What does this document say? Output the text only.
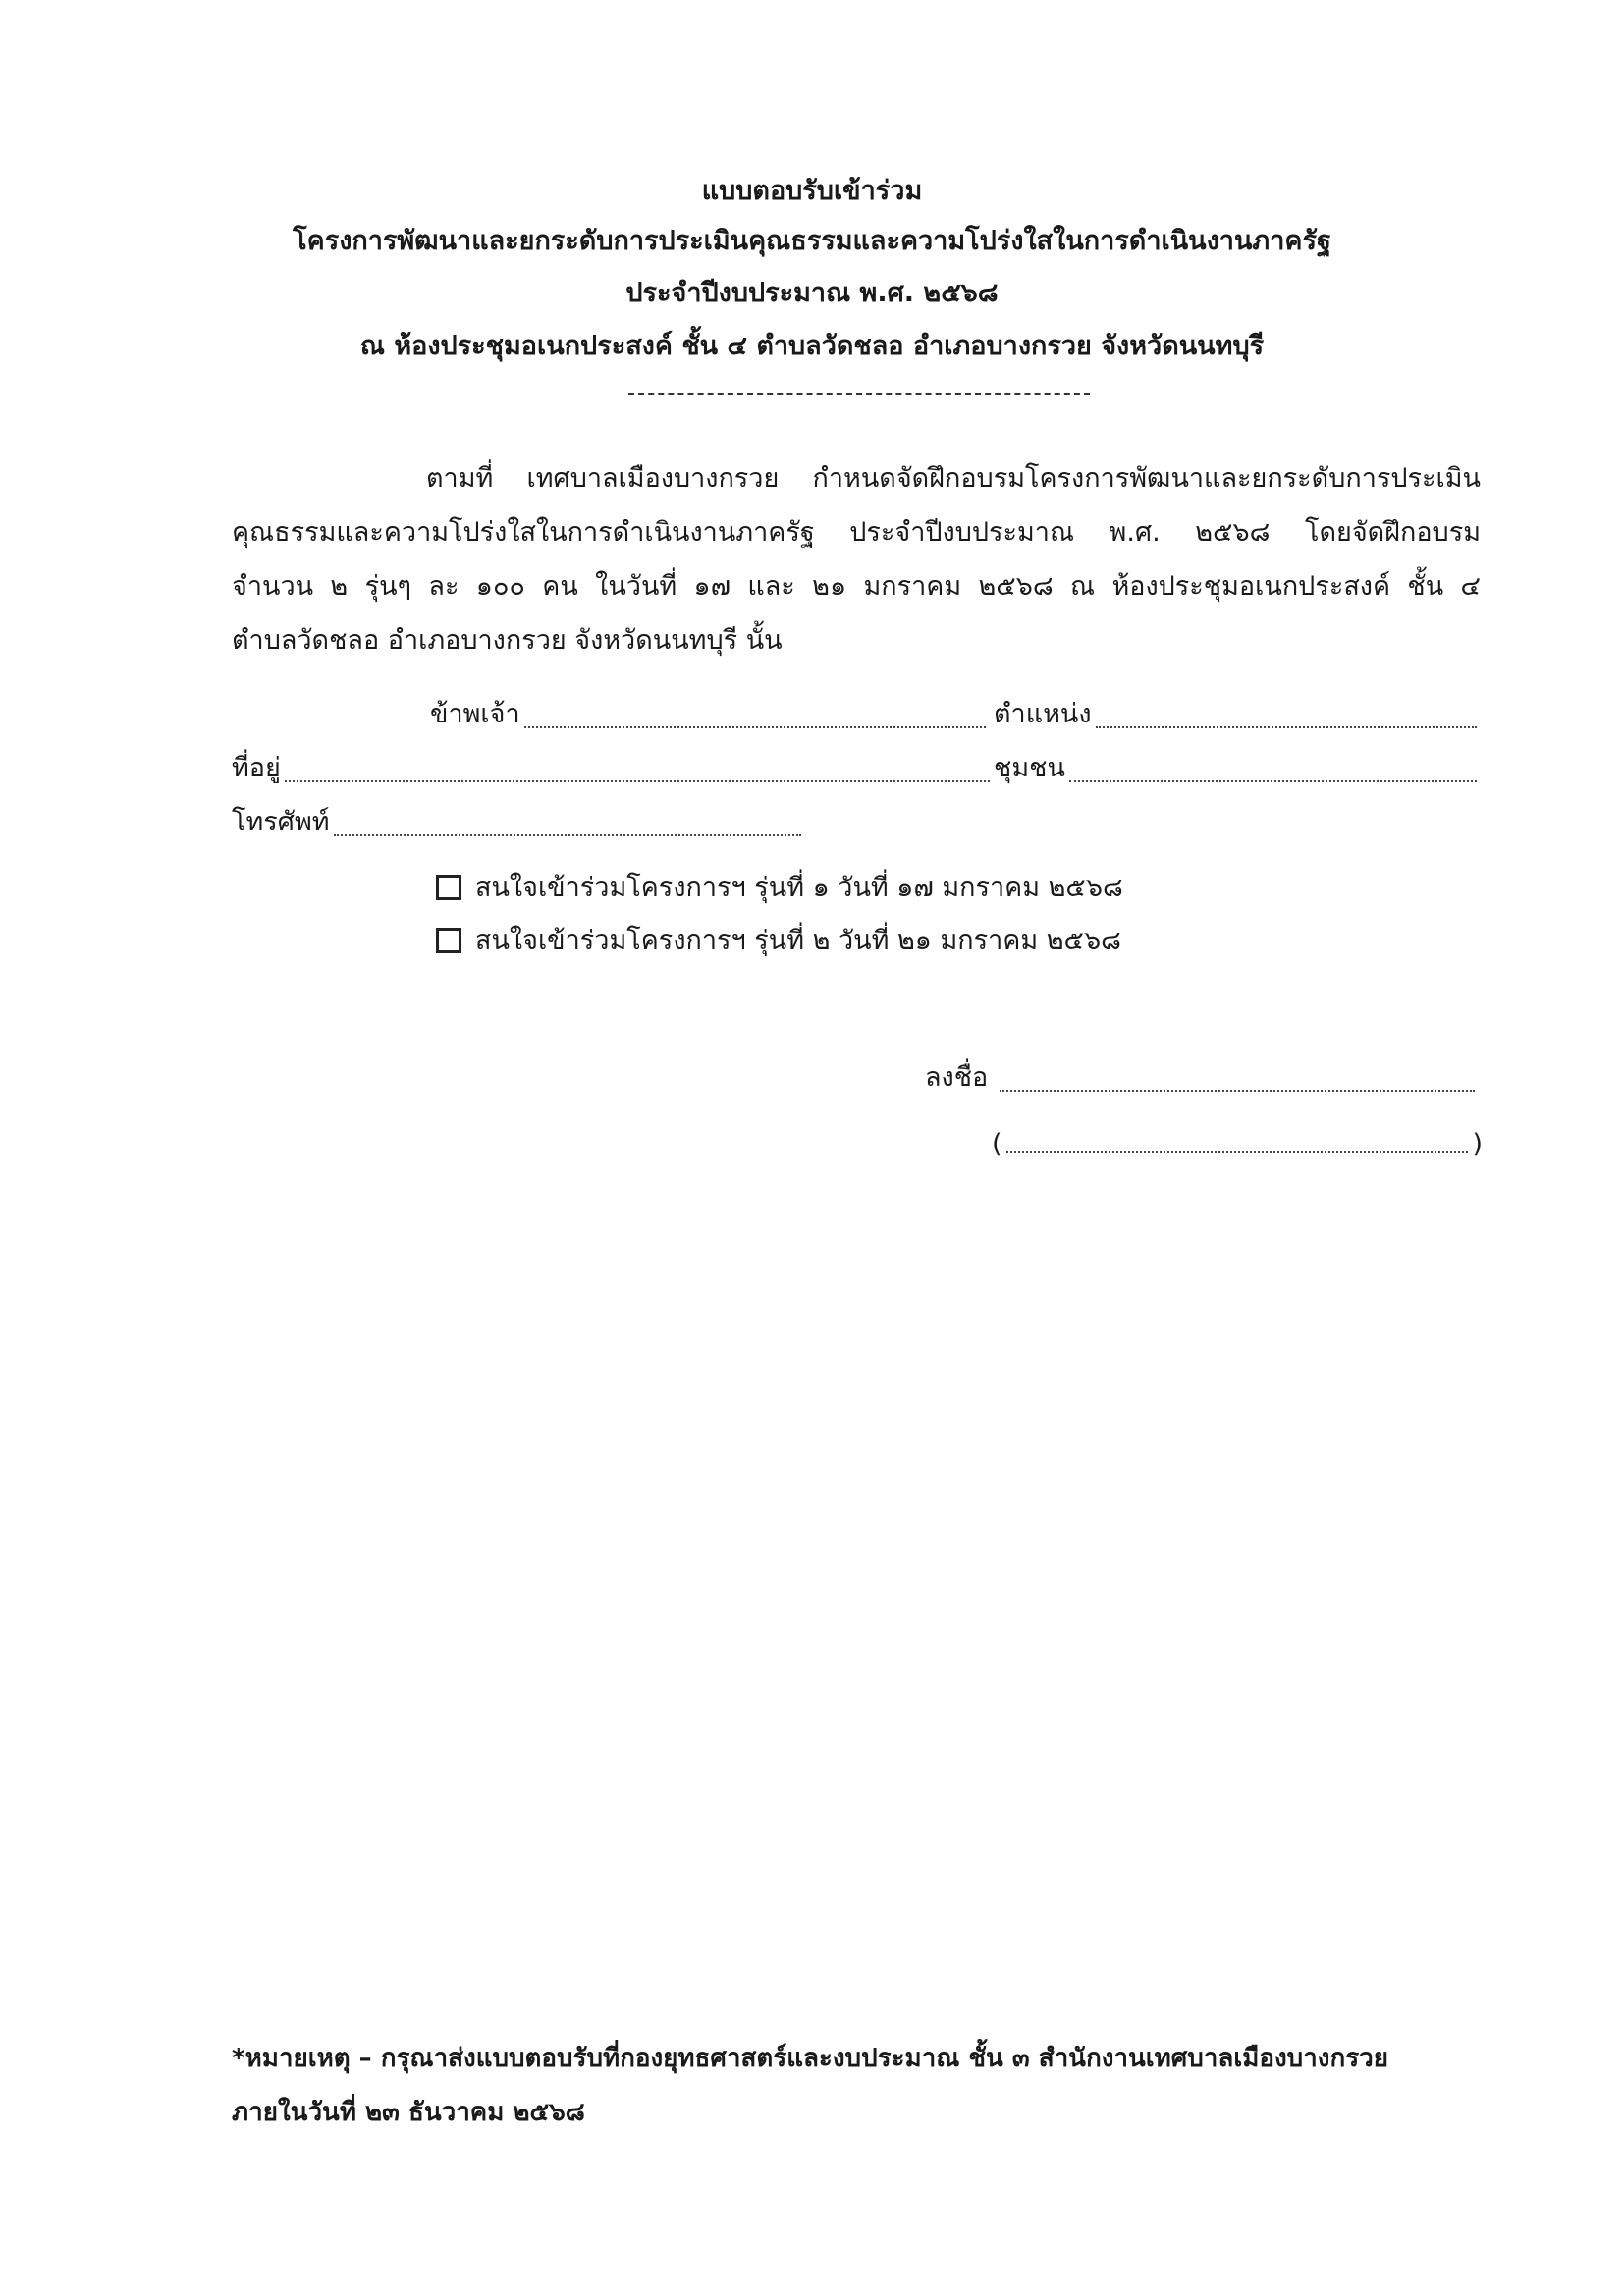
แบบตอบรับเข้าร่วม
โครงการพัฒนาและยกระดับการประเมินคุณธรรมและความโปร่งใสในการดำเนินงานภาครัฐ
ประจำปีงบประมาณ พ.ศ. ๒๕๖๘
ณ ห้องประชุมอเนกประสงค์ ชั้น ๔ ตำบลวัดชลอ อำเภอบางกรวย จังหวัดนนทบุรี
ตามที่ เทศบาลเมืองบางกรวย กำหนดจัดฝึกอบรมโครงการพัฒนาและยกระดับการประเมิน
คุณธรรมและความโปร่งใสในการดำเนินงานภาครัฐ ประจำปีงบประมาณ พ.ศ. ๒๕๖๘ โดยจัดฝึกอบรม
จำนวน ๒ รุ่นๆ ละ ๑๐๐ คน ในวันที่ ๑๗ และ ๒๑ มกราคม ๒๕๖๘ ณ ห้องประชุมอเนกประสงค์ ชั้น ๔
ตำบลวัดชลอ อำเภอบางกรวย จังหวัดนนทบุรี นั้น
ข้าพเจ้า	ตำแหน่ง
ที่อยู่	ชุมชน
โทรศัพท์
สนใจเข้าร่วมโครงการฯ รุ่นที่ ๑ วันที่ ๑๗ มกราคม ๒๕๖๘
สนใจเข้าร่วมโครงการฯ รุ่นที่ ๒ วันที่ ๒๑ มกราคม ๒๕๖๘
ลงชื่อ
(	)
*หมายเหตุ – กรุณาส่งแบบตอบรับที่กองยุทธศาสตร์และงบประมาณ ชั้น ๓ สำนักงานเทศบาลเมืองบางกรวย
ภายในวันที่ ๒๓ ธันวาคม ๒๕๖๘
